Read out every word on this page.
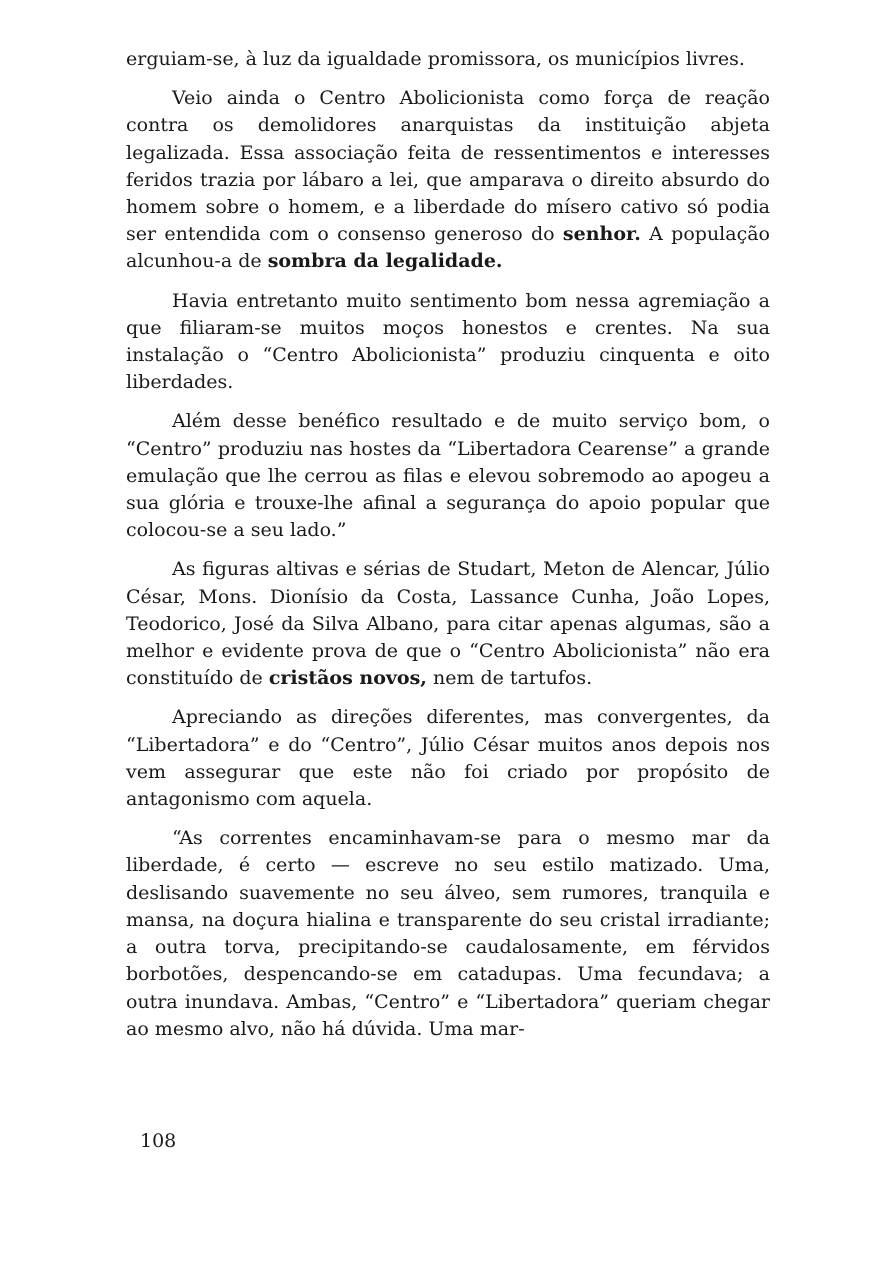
erguiam-se, à luz da igualdade promissora, os municípios livres.

Veio ainda o Centro Abolicionista como força de reação contra os demolidores anarquistas da instituição abjeta legalizada. Essa associação feita de ressentimentos e interesses feridos trazia por lábaro a lei, que amparava o direito absurdo do homem sobre o homem, e a liberdade do mísero cativo só podia ser entendida com o consenso generoso do senhor. A população alcunhou-a de sombra da legalidade.

Havia entretanto muito sentimento bom nessa agremiação a que filiaram-se muitos moços honestos e crentes. Na sua instalação o “Centro Abolicionista” produziu cinquenta e oito liberdades.

Além desse benéfico resultado e de muito serviço bom, o “Centro” produziu nas hostes da “Libertadora Cearense” a grande emulação que lhe cerrou as filas e elevou sobremodo ao apogeu a sua glória e trouxe-lhe afinal a segurança do apoio popular que colocou-se a seu lado.”

As figuras altivas e sérias de Studart, Meton de Alencar, Júlio César, Mons. Dionísio da Costa, Lassance Cunha, João Lopes, Teodorico, José da Silva Albano, para citar apenas algumas, são a melhor e evidente prova de que o “Centro Abolicionista” não era constituído de cristãos novos, nem de tartufos.

Apreciando as direções diferentes, mas convergentes, da “Libertadora” e do “Centro”, Júlio César muitos anos depois nos vem assegurar que este não foi criado por propósito de antagonismo com aquela.

“As correntes encaminhavam-se para o mesmo mar da liberdade, é certo — escreve no seu estilo matizado. Uma, deslisando suavemente no seu álveo, sem rumores, tranquila e mansa, na doçura hialina e transparente do seu cristal irradiante; a outra torva, precipitando-se caudalosamente, em férvidos borbotões, despencando-se em catadupas. Uma fecundava; a outra inundava. Ambas, “Centro” e “Libertadora” queriam chegar ao mesmo alvo, não há dúvida. Uma mar-

108
